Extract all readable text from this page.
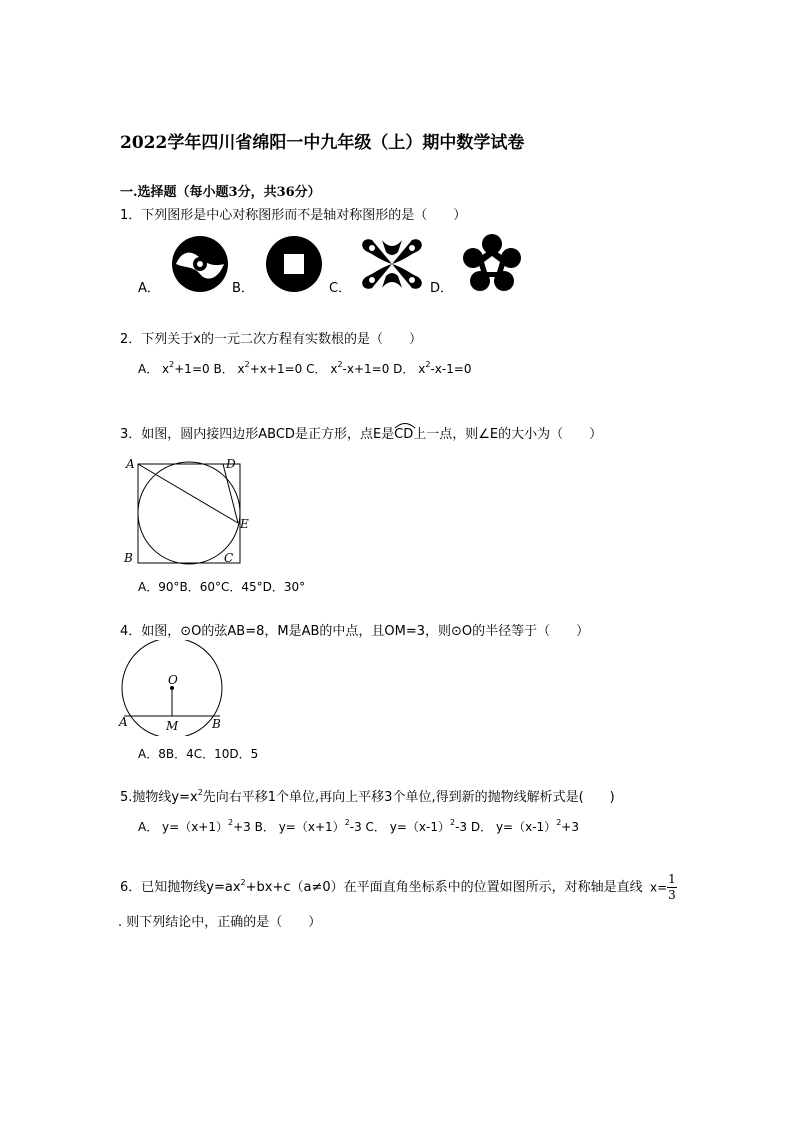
2022学年四川省绵阳一中九年级（上）期中数学试卷
一.选择题（每小题3分，共36分）
1．下列图形是中心对称图形而不是轴对称图形的是（　　）
A．	B．	C．	D．
2．下列关于x的一元二次方程有实数根的是（　　）
A． $x^2+1=0$ B． $x^2+x+1=0$ C． $x^2-x+1=0$ D． $x^2-x-1=0$
3．如图，圆内接四边形ABCD是正方形，点E是
CD上一点，则∠E的大小为（　　）
A	D
E
B	C
A．90°B．60°C．45°D．30°
4．如图，⊙O的弦AB=8，M是AB的中点，且OM=3，则⊙O的半径等于（　　）
O
A	M	B
A．8B．4C．10D．5
5.抛物线$y=x^2$先向右平移1个单位,再向上平移3个单位,得到新的抛物线解析式是(　　)
A． $y=(x+1)^2+3$ B． $y=(x+1)^2-3$ C． $y=(x-1)^2-3$ D． $y=(x-1)^2+3$
6．已知抛物线$y=ax^2+bx+c(a\ne 0)$在平面直角坐标系中的位置如图所示，对称轴是直线 $x= \frac{1}{3}$
. 则下列结论中，正确的是（　　）
